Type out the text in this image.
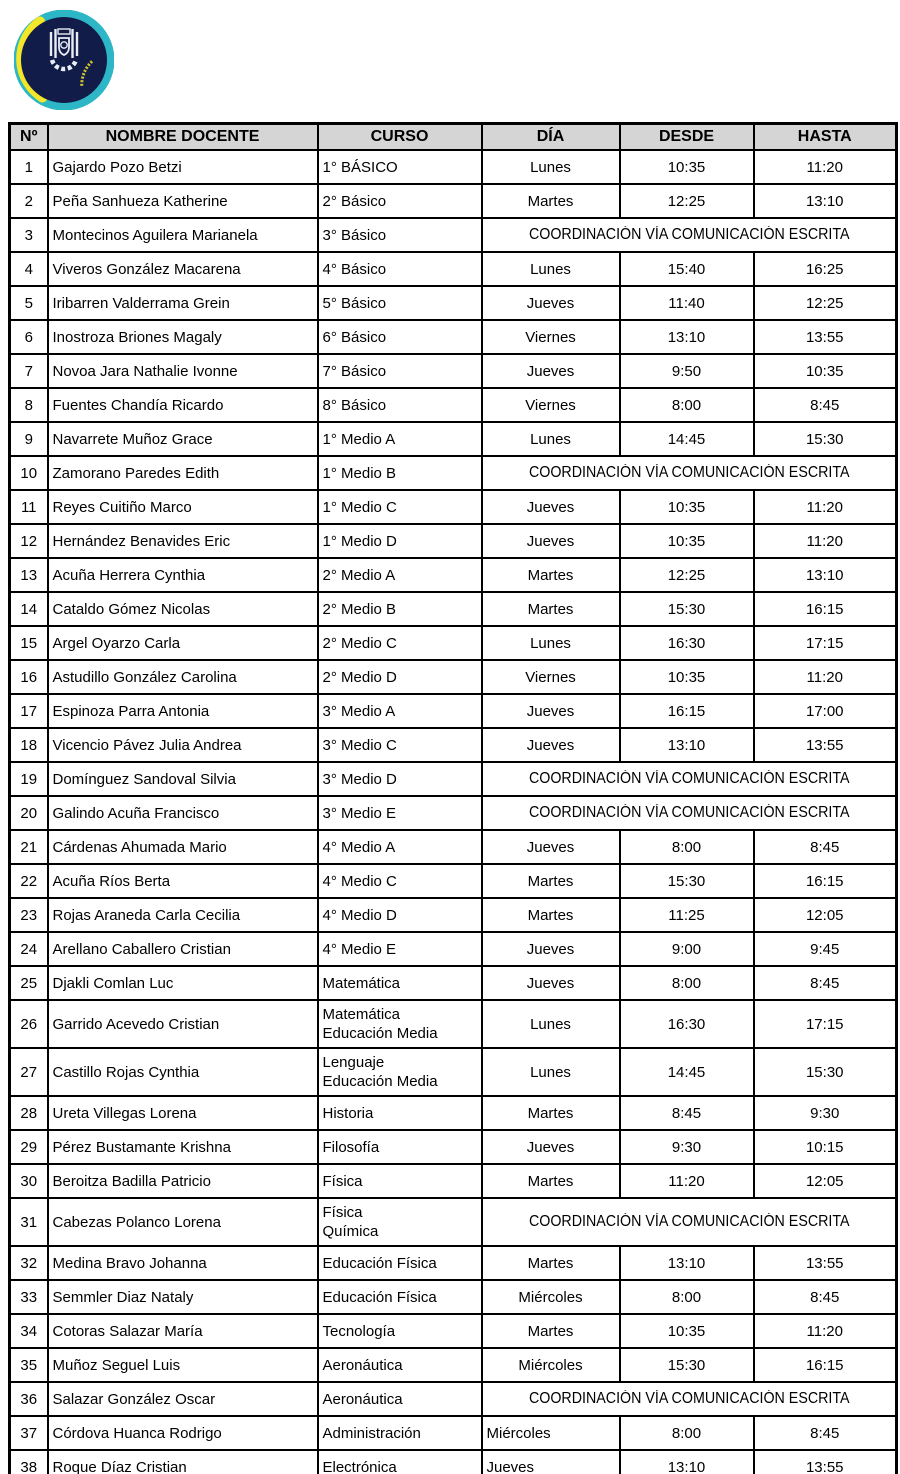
Nº	NOMBRE DOCENTE	CURSO	DÍA	DESDE	HASTA
1	Gajardo Pozo Betzi	1° BÁSICO	Lunes	10:35	11:20
2	Peña Sanhueza Katherine	2° Básico	Martes	12:25	13:10
3	Montecinos Aguilera Marianela	3° Básico	COORDINACIÓN VÍA COMUNICACIÓN ESCRITA		
4	Viveros González Macarena	4° Básico	Lunes	15:40	16:25
5	Iribarren Valderrama Grein	5° Básico	Jueves	11:40	12:25
6	Inostroza Briones Magaly	6° Básico	Viernes	13:10	13:55
7	Novoa Jara Nathalie Ivonne	7° Básico	Jueves	9:50	10:35
8	Fuentes Chandía Ricardo	8° Básico	Viernes	8:00	8:45
9	Navarrete Muñoz Grace	1° Medio A	Lunes	14:45	15:30
10	Zamorano Paredes Edith	1° Medio B	COORDINACIÓN VÍA COMUNICACIÓN ESCRITA		
11	Reyes Cuitiño Marco	1° Medio C	Jueves	10:35	11:20
12	Hernández Benavides Eric	1° Medio D	Jueves	10:35	11:20
13	Acuña Herrera Cynthia	2° Medio A	Martes	12:25	13:10
14	Cataldo Gómez Nicolas	2° Medio B	Martes	15:30	16:15
15	Argel Oyarzo Carla	2° Medio C	Lunes	16:30	17:15
16	Astudillo González Carolina	2° Medio D	Viernes	10:35	11:20
17	Espinoza Parra Antonia	3° Medio A	Jueves	16:15	17:00
18	Vicencio Pávez Julia Andrea	3° Medio C	Jueves	13:10	13:55
19	Domínguez Sandoval Silvia	3° Medio D	COORDINACIÓN VÍA COMUNICACIÓN ESCRITA		
20	Galindo Acuña Francisco	3° Medio E	COORDINACIÓN VÍA COMUNICACIÓN ESCRITA		
21	Cárdenas Ahumada Mario	4° Medio A	Jueves	8:00	8:45
22	Acuña Ríos Berta	4° Medio C	Martes	15:30	16:15
23	Rojas Araneda Carla Cecilia	4° Medio D	Martes	11:25	12:05
24	Arellano Caballero Cristian	4° Medio E	Jueves	9:00	9:45
25	Djakli Comlan Luc	Matemática	Jueves	8:00	8:45
26	Garrido Acevedo Cristian	Matemática
Educación Media	Lunes	16:30	17:15
27	Castillo Rojas Cynthia	Lenguaje
Educación Media	Lunes	14:45	15:30
28	Ureta Villegas Lorena	Historia	Martes	8:45	9:30
29	Pérez Bustamante Krishna	Filosofía	Jueves	9:30	10:15
30	Beroitza Badilla Patricio	Física	Martes	11:20	12:05
31	Cabezas Polanco Lorena	Física
Química	COORDINACIÓN VÍA COMUNICACIÓN ESCRITA		
32	Medina Bravo Johanna	Educación Física	Martes	13:10	13:55
33	Semmler Diaz Nataly	Educación Física	Miércoles	8:00	8:45
34	Cotoras Salazar María	Tecnología	Martes	10:35	11:20
35	Muñoz Seguel Luis	Aeronáutica	Miércoles	15:30	16:15
36	Salazar González Oscar	Aeronáutica	COORDINACIÓN VÍA COMUNICACIÓN ESCRITA		
37	Córdova Huanca Rodrigo	Administración	Miércoles	8:00	8:45
38	Roque Díaz Cristian	Electrónica	Jueves	13:10	13:55
